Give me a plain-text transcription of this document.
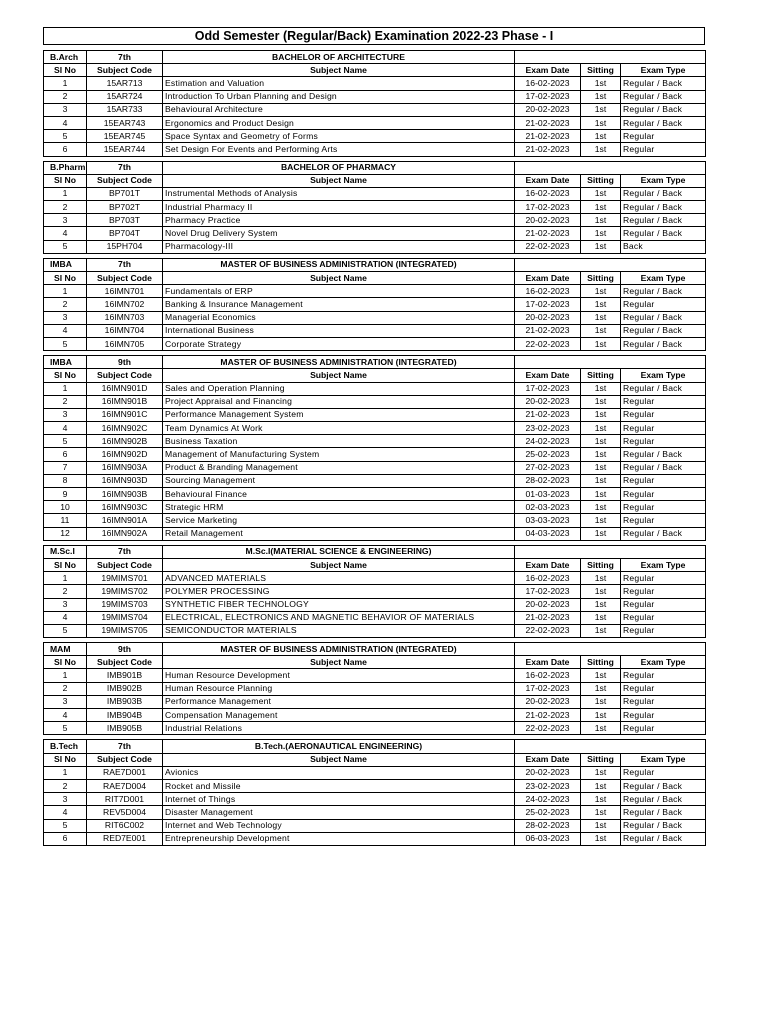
Odd Semester (Regular/Back) Examination 2022-23 Phase - I
B.Arch	7th	BACHELOR OF ARCHITECTURE			
Sl No	Subject Code	Subject Name	Exam Date	Sitting	Exam Type
1	15AR713	Estimation and Valuation	16-02-2023	1st	Regular / Back
2	15AR724	Introduction To Urban Planning and Design	17-02-2023	1st	Regular / Back
3	15AR733	Behavioural Architecture	20-02-2023	1st	Regular / Back
4	15EAR743	Ergonomics and Product Design	21-02-2023	1st	Regular / Back
5	15EAR745	Space Syntax and Geometry of Forms	21-02-2023	1st	Regular
6	15EAR744	Set Design For Events and Performing Arts	21-02-2023	1st	Regular
B.Pharm	7th	BACHELOR OF PHARMACY			
Sl No	Subject Code	Subject Name	Exam Date	Sitting	Exam Type
1	BP701T	Instrumental Methods of Analysis	16-02-2023	1st	Regular / Back
2	BP702T	Industrial Pharmacy II	17-02-2023	1st	Regular / Back
3	BP703T	Pharmacy Practice	20-02-2023	1st	Regular / Back
4	BP704T	Novel Drug Delivery System	21-02-2023	1st	Regular / Back
5	15PH704	Pharmacology-III	22-02-2023	1st	Back
IMBA	7th	MASTER OF BUSINESS ADMINISTRATION (INTEGRATED)			
Sl No	Subject Code	Subject Name	Exam Date	Sitting	Exam Type
1	16IMN701	Fundamentals of ERP	16-02-2023	1st	Regular / Back
2	16IMN702	Banking & Insurance Management	17-02-2023	1st	Regular
3	16IMN703	Managerial Economics	20-02-2023	1st	Regular / Back
4	16IMN704	International Business	21-02-2023	1st	Regular / Back
5	16IMN705	Corporate Strategy	22-02-2023	1st	Regular / Back
IMBA	9th	MASTER OF BUSINESS ADMINISTRATION (INTEGRATED)			
Sl No	Subject Code	Subject Name	Exam Date	Sitting	Exam Type
1	16IMN901D	Sales and Operation Planning	17-02-2023	1st	Regular / Back
2	16IMN901B	Project Appraisal and Financing	20-02-2023	1st	Regular
3	16IMN901C	Performance Management System	21-02-2023	1st	Regular
4	16IMN902C	Team Dynamics At Work	23-02-2023	1st	Regular
5	16IMN902B	Business Taxation	24-02-2023	1st	Regular
6	16IMN902D	Management of Manufacturing System	25-02-2023	1st	Regular / Back
7	16IMN903A	Product & Branding Management	27-02-2023	1st	Regular / Back
8	16IMN903D	Sourcing Management	28-02-2023	1st	Regular
9	16IMN903B	Behavioural Finance	01-03-2023	1st	Regular
10	16IMN903C	Strategic HRM	02-03-2023	1st	Regular
11	16IMN901A	Service Marketing	03-03-2023	1st	Regular
12	16IMN902A	Retail Management	04-03-2023	1st	Regular / Back
M.Sc.I	7th	M.Sc.I(MATERIAL SCIENCE & ENGINEERING)			
Sl No	Subject Code	Subject Name	Exam Date	Sitting	Exam Type
1	19MIMS701	ADVANCED MATERIALS	16-02-2023	1st	Regular
2	19MIMS702	POLYMER PROCESSING	17-02-2023	1st	Regular
3	19MIMS703	SYNTHETIC FIBER TECHNOLOGY	20-02-2023	1st	Regular
4	19MIMS704	ELECTRICAL, ELECTRONICS AND MAGNETIC BEHAVIOR OF MATERIALS	21-02-2023	1st	Regular
5	19MIMS705	SEMICONDUCTOR MATERIALS	22-02-2023	1st	Regular
MAM	9th	MASTER OF BUSINESS ADMINISTRATION (INTEGRATED)			
Sl No	Subject Code	Subject Name	Exam Date	Sitting	Exam Type
1	IMB901B	Human Resource Development	16-02-2023	1st	Regular
2	IMB902B	Human Resource Planning	17-02-2023	1st	Regular
3	IMB903B	Performance Management	20-02-2023	1st	Regular
4	IMB904B	Compensation Management	21-02-2023	1st	Regular
5	IMB905B	Industrial Relations	22-02-2023	1st	Regular
B.Tech	7th	B.Tech.(AERONAUTICAL ENGINEERING)			
Sl No	Subject Code	Subject Name	Exam Date	Sitting	Exam Type
1	RAE7D001	Avionics	20-02-2023	1st	Regular
2	RAE7D004	Rocket and Missile	23-02-2023	1st	Regular / Back
3	RIT7D001	Internet of Things	24-02-2023	1st	Regular / Back
4	REV5D004	Disaster Management	25-02-2023	1st	Regular / Back
5	RIT6C002	Internet and Web Technology	28-02-2023	1st	Regular / Back
6	RED7E001	Entrepreneurship Development	06-03-2023	1st	Regular / Back
